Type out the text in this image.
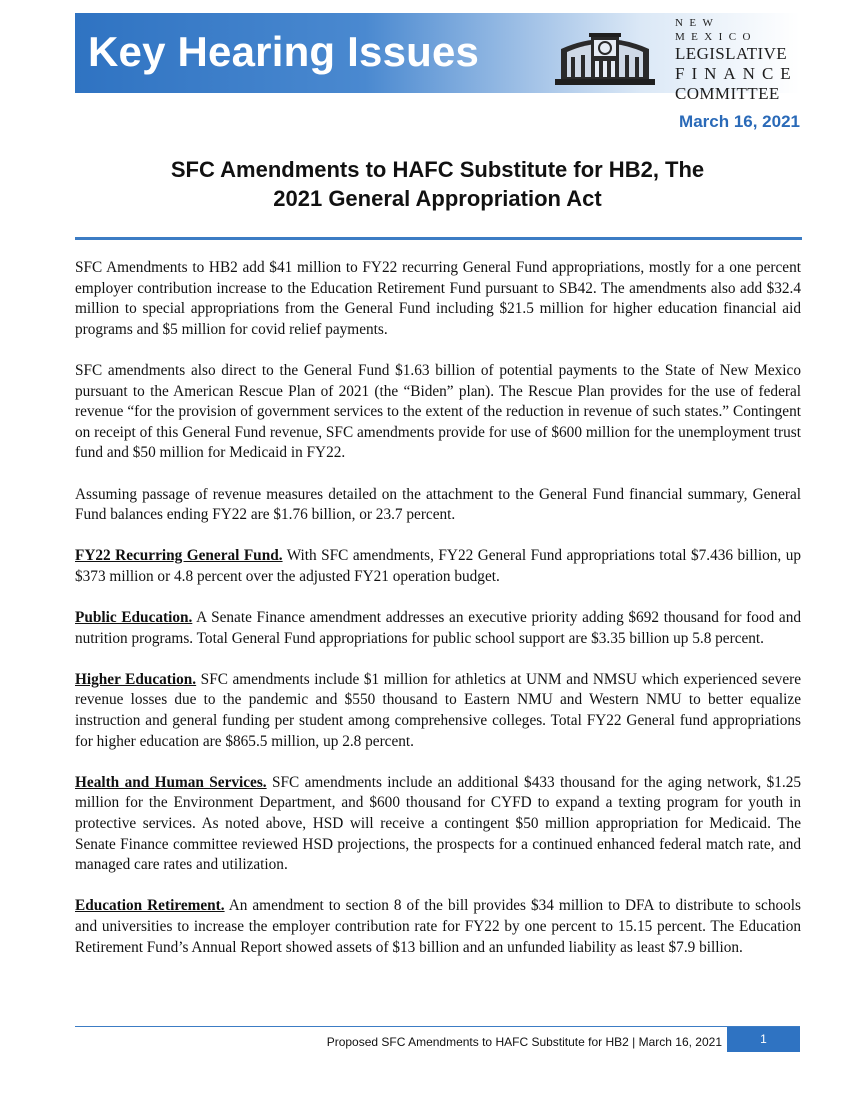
Key Hearing Issues
NEW MEXICO
LEGISLATIVE
FINANCE
COMMITTEE
March 16, 2021
SFC Amendments to HAFC Substitute for HB2, The
2021 General Appropriation Act

SFC Amendments to HB2 add $41 million to FY22 recurring General Fund appropriations, mostly for a one percent employer contribution increase to the Education Retirement Fund pursuant to SB42. The amendments also add $32.4 million to special appropriations from the General Fund including $21.5 million for higher education financial aid programs and $5 million for covid relief payments.

SFC amendments also direct to the General Fund $1.63 billion of potential payments to the State of New Mexico pursuant to the American Rescue Plan of 2021 (the “Biden” plan). The Rescue Plan provides for the use of federal revenue “for the provision of government services to the extent of the reduction in revenue of such states.” Contingent on receipt of this General Fund revenue, SFC amendments provide for use of $600 million for the unemployment trust fund and $50 million for Medicaid in FY22.

Assuming passage of revenue measures detailed on the attachment to the General Fund financial summary, General Fund balances ending FY22 are $1.76 billion, or 23.7 percent.

FY22 Recurring General Fund. With SFC amendments, FY22 General Fund appropriations total $7.436 billion, up $373 million or 4.8 percent over the adjusted FY21 operation budget.

Public Education. A Senate Finance amendment addresses an executive priority adding $692 thousand for food and nutrition programs. Total General Fund appropriations for public school support are $3.35 billion up 5.8 percent.

Higher Education. SFC amendments include $1 million for athletics at UNM and NMSU which experienced severe revenue losses due to the pandemic and $550 thousand to Eastern NMU and Western NMU to better equalize instruction and general funding per student among comprehensive colleges. Total FY22 General fund appropriations for higher education are $865.5 million, up 2.8 percent.

Health and Human Services. SFC amendments include an additional $433 thousand for the aging network, $1.25 million for the Environment Department, and $600 thousand for CYFD to expand a texting program for youth in protective services. As noted above, HSD will receive a contingent $50 million appropriation for Medicaid. The Senate Finance committee reviewed HSD projections, the prospects for a continued enhanced federal match rate, and managed care rates and utilization.

Education Retirement. An amendment to section 8 of the bill provides $34 million to DFA to distribute to schools and universities to increase the employer contribution rate for FY22 by one percent to 15.15 percent. The Education Retirement Fund’s Annual Report showed assets of $13 billion and an unfunded liability as least $7.9 billion.

Proposed SFC Amendments to HAFC Substitute for HB2 | March 16, 2021	1
